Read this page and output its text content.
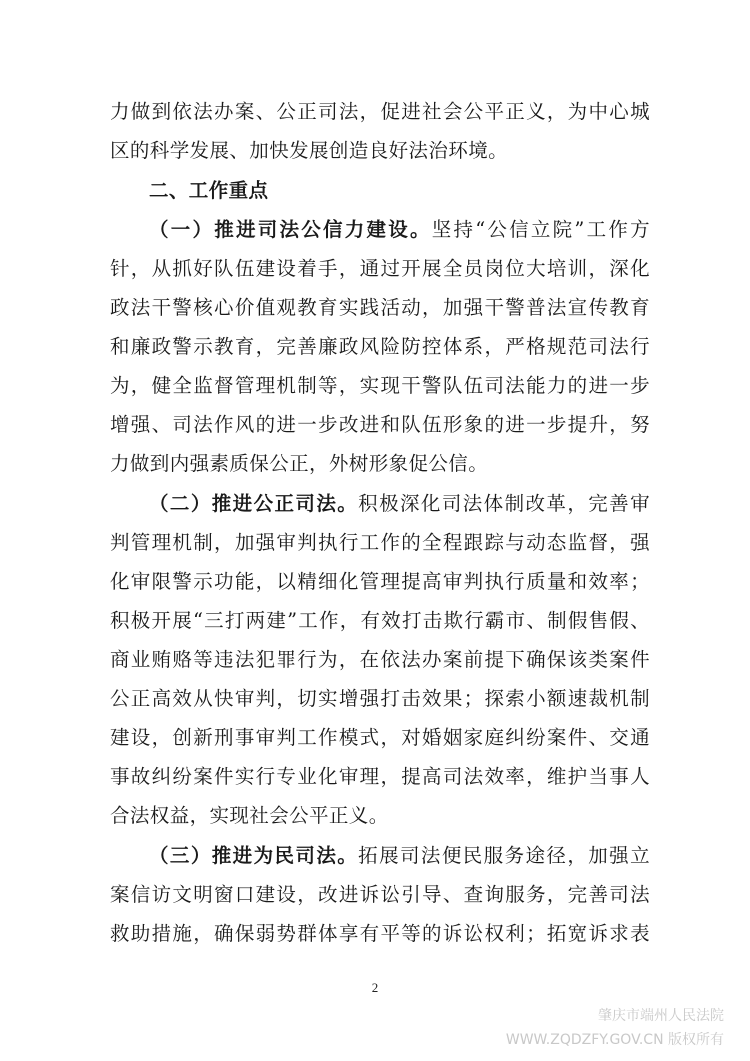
力做到依法办案、公正司法，促进社会公平正义，为中心城
区的科学发展、加快发展创造良好法治环境。
二、工作重点
（一）推进司法公信力建设。坚持“公信立院”工作方
针，从抓好队伍建设着手，通过开展全员岗位大培训，深化
政法干警核心价值观教育实践活动，加强干警普法宣传教育
和廉政警示教育，完善廉政风险防控体系，严格规范司法行
为，健全监督管理机制等，实现干警队伍司法能力的进一步
增强、司法作风的进一步改进和队伍形象的进一步提升，努
力做到内强素质保公正，外树形象促公信。
（二）推进公正司法。积极深化司法体制改革，完善审
判管理机制，加强审判执行工作的全程跟踪与动态监督，强
化审限警示功能，以精细化管理提高审判执行质量和效率；
积极开展“三打两建”工作，有效打击欺行霸市、制假售假、
商业贿赂等违法犯罪行为，在依法办案前提下确保该类案件
公正高效从快审判，切实增强打击效果；探索小额速裁机制
建设，创新刑事审判工作模式，对婚姻家庭纠纷案件、交通
事故纠纷案件实行专业化审理，提高司法效率，维护当事人
合法权益，实现社会公平正义。
（三）推进为民司法。拓展司法便民服务途径，加强立
案信访文明窗口建设，改进诉讼引导、查询服务，完善司法
救助措施，确保弱势群体享有平等的诉讼权利；拓宽诉求表
2
肇庆市端州人民法院
WWW.ZQDZFY.GOV.CN 版权所有
